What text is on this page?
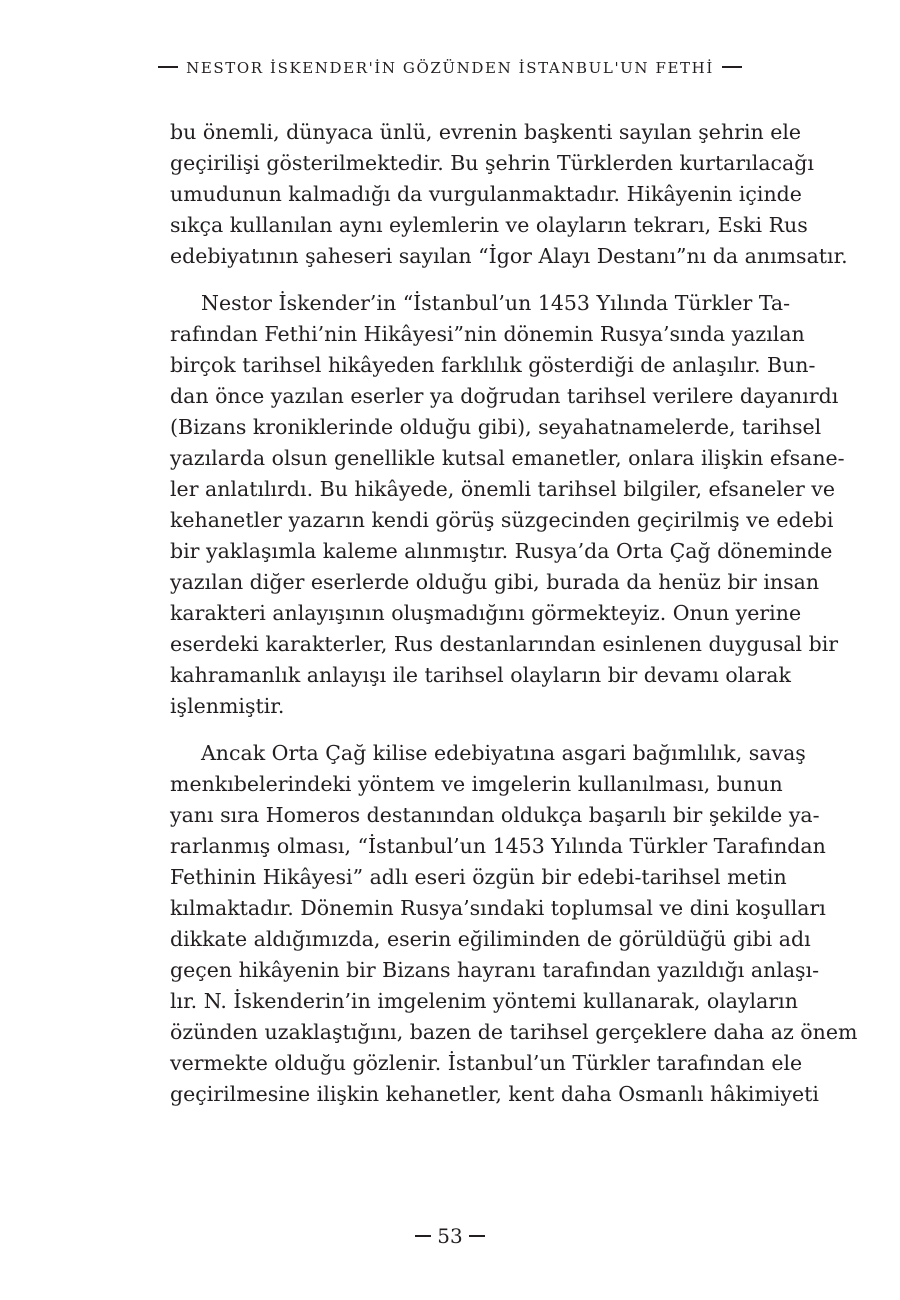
NESTOR İSKENDER'İN GÖZÜNDEN İSTANBUL'UN FETHİ

bu önemli, dünyaca ünlü, evrenin başkenti sayılan şehrin ele
geçirilişi gösterilmektedir. Bu şehrin Türklerden kurtarılacağı
umudunun kalmadığı da vurgulanmaktadır. Hikâyenin içinde
sıkça kullanılan aynı eylemlerin ve olayların tekrarı, Eski Rus
edebiyatının şaheseri sayılan “İgor Alayı Destanı”nı da anımsatır.

Nestor İskender’in “İstanbul’un 1453 Yılında Türkler Ta-
rafından Fethi’nin Hikâyesi”nin dönemin Rusya’sında yazılan
birçok tarihsel hikâyeden farklılık gösterdiği de anlaşılır. Bun-
dan önce yazılan eserler ya doğrudan tarihsel verilere dayanırdı
(Bizans kroniklerinde olduğu gibi), seyahatnamelerde, tarihsel
yazılarda olsun genellikle kutsal emanetler, onlara ilişkin efsane-
ler anlatılırdı. Bu hikâyede, önemli tarihsel bilgiler, efsaneler ve
kehanetler yazarın kendi görüş süzgecinden geçirilmiş ve edebi
bir yaklaşımla kaleme alınmıştır. Rusya’da Orta Çağ döneminde
yazılan diğer eserlerde olduğu gibi, burada da henüz bir insan
karakteri anlayışının oluşmadığını görmekteyiz. Onun yerine
eserdeki karakterler, Rus destanlarından esinlenen duygusal bir
kahramanlık anlayışı ile tarihsel olayların bir devamı olarak
işlenmiştir.

Ancak Orta Çağ kilise edebiyatına asgari bağımlılık, savaş
menkıbelerindeki yöntem ve imgelerin kullanılması, bunun
yanı sıra Homeros destanından oldukça başarılı bir şekilde ya-
rarlanmış olması, “İstanbul’un 1453 Yılında Türkler Tarafından
Fethinin Hikâyesi” adlı eseri özgün bir edebi-tarihsel metin
kılmaktadır. Dönemin Rusya’sındaki toplumsal ve dini koşulları
dikkate aldığımızda, eserin eğiliminden de görüldüğü gibi adı
geçen hikâyenin bir Bizans hayranı tarafından yazıldığı anlaşı-
lır. N. İskenderin’in imgelenim yöntemi kullanarak, olayların
özünden uzaklaştığını, bazen de tarihsel gerçeklere daha az önem
vermekte olduğu gözlenir. İstanbul’un Türkler tarafından ele
geçirilmesine ilişkin kehanetler, kent daha Osmanlı hâkimiyeti

53
